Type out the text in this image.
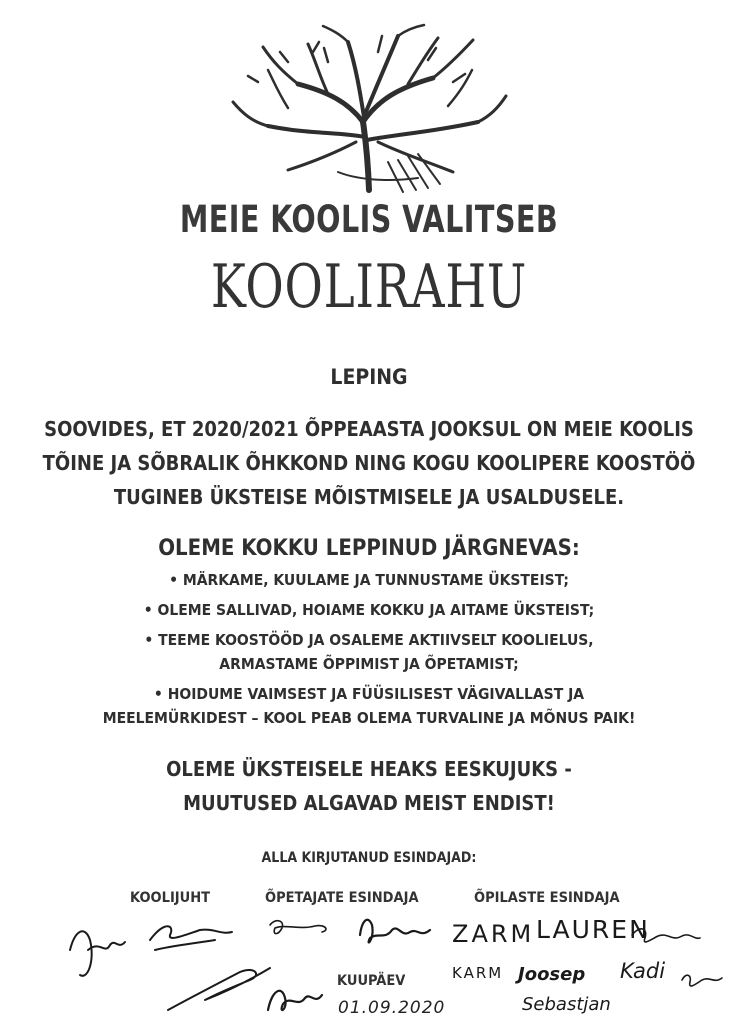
MEIE KOOLIS VALITSEB
KOOLIRAHU
LEPING
SOOVIDES, ET 2020/2021 ÕPPEAASTA JOOKSUL ON MEIE KOOLIS
TÕINE JA SÕBRALIK ÕHKKOND NING KOGU KOOLIPERE KOOSTÖÖ
TUGINEB ÜKSTEISE MÕISTMISELE JA USALDUSELE.
OLEME KOKKU LEPPINUD JÄRGNEVAS:
• MÄRKAME, KUULAME JA TUNNUSTAME ÜKSTEIST;
• OLEME SALLIVAD, HOIAME KOKKU JA AITAME ÜKSTEIST;
• TEEME KOOSTÖÖD JA OSALEME AKTIIVSELT KOOLIELUS,
ARMASTAME ÕPPIMIST JA ÕPETAMIST;
• HOIDUME VAIMSEST JA FÜÜSILISEST VÄGIVALLAST JA
MEELEMÜRKIDEST – KOOL PEAB OLEMA TURVALINE JA MÕNUS PAIK!
OLEME ÜKSTEISELE HEAKS EESKUJUKS -
MUUTUSED ALGAVAD MEIST ENDIST!
ALLA KIRJUTANUD ESINDAJAD:
KOOLIJUHT	ÕPETAJATE ESINDAJA	ÕPILASTE ESINDAJA
ZARM LAUREN
KARM Joosep Kadi
Sebastjan
KUUPÄEV
01.09.2020
